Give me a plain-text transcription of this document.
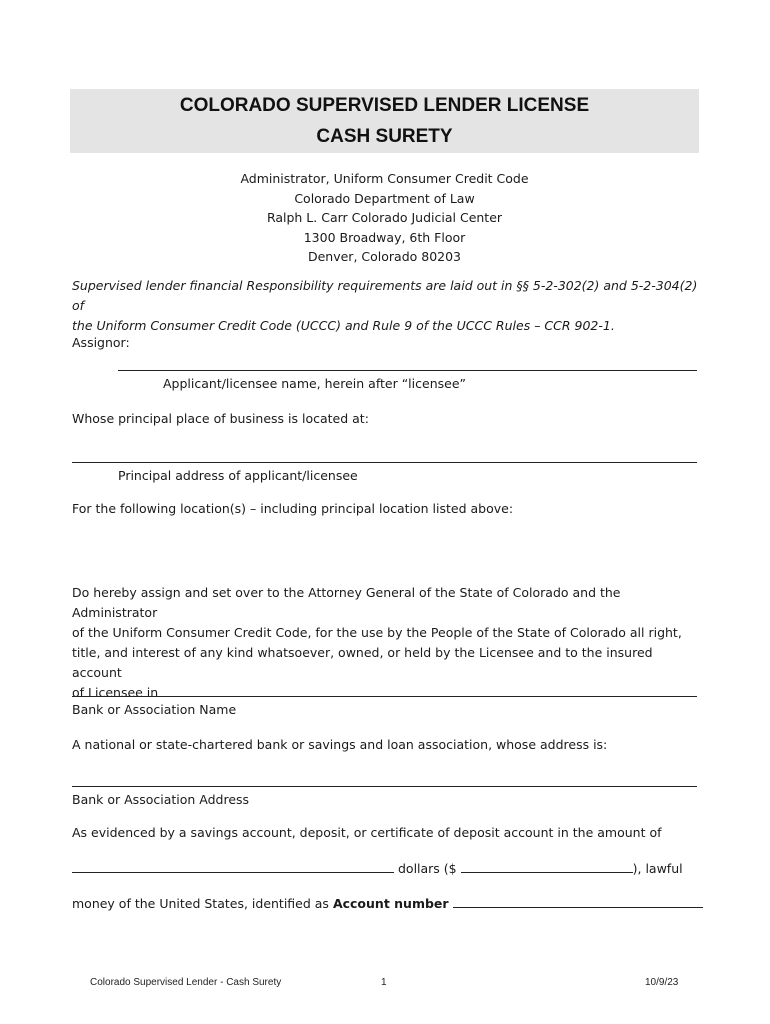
COLORADO SUPERVISED LENDER LICENSE
CASH SURETY
Administrator, Uniform Consumer Credit Code
Colorado Department of Law
Ralph L. Carr Colorado Judicial Center
1300 Broadway, 6th Floor
Denver, Colorado 80203
Supervised lender financial Responsibility requirements are laid out in §§ 5-2-302(2) and 5-2-304(2) of
the Uniform Consumer Credit Code (UCCC) and Rule 9 of the UCCC Rules – CCR 902-1.
Assignor:
Applicant/licensee name, herein after “licensee”
Whose principal place of business is located at:
Principal address of applicant/licensee
For the following location(s) – including principal location listed above:
Do hereby assign and set over to the Attorney General of the State of Colorado and the Administrator
of the Uniform Consumer Credit Code, for the use by the People of the State of Colorado all right,
title, and interest of any kind whatsoever, owned, or held by the Licensee and to the insured account
of Licensee in
Bank or Association Name
A national or state-chartered bank or savings and loan association, whose address is:
Bank or Association Address
As evidenced by a savings account, deposit, or certificate of deposit account in the amount of
dollars ($	), lawful
money of the United States, identified as Account number
Colorado Supervised Lender - Cash Surety	1	10/9/23
